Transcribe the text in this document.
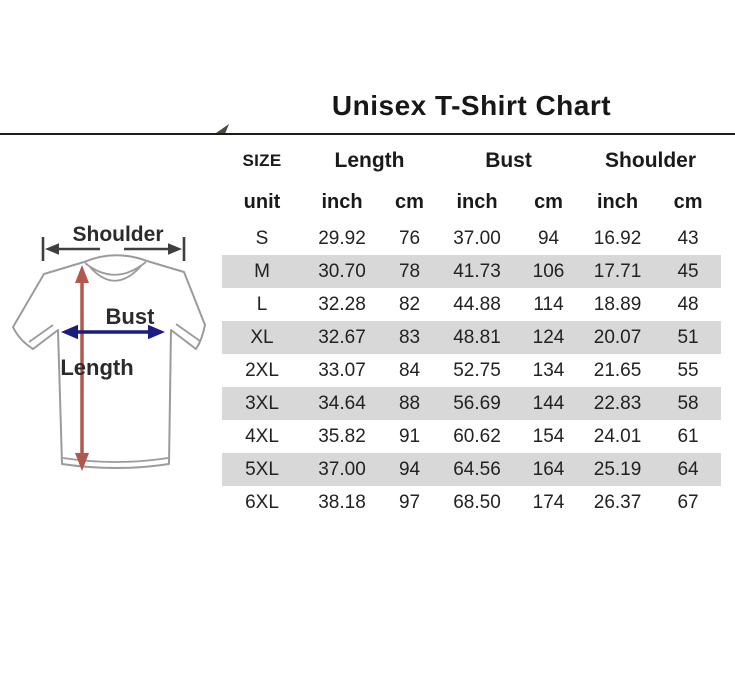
Unisex T-Shirt Chart
Shoulder
Length
Bust
SIZE	Length		Bust		Shoulder	
unit	inch	cm	inch	cm	inch	cm
S	29.92	76	37.00	94	16.92	43
M	30.70	78	41.73	106	17.71	45
L	32.28	82	44.88	114	18.89	48
XL	32.67	83	48.81	124	20.07	51
2XL	33.07	84	52.75	134	21.65	55
3XL	34.64	88	56.69	144	22.83	58
4XL	35.82	91	60.62	154	24.01	61
5XL	37.00	94	64.56	164	25.19	64
6XL	38.18	97	68.50	174	26.37	67
